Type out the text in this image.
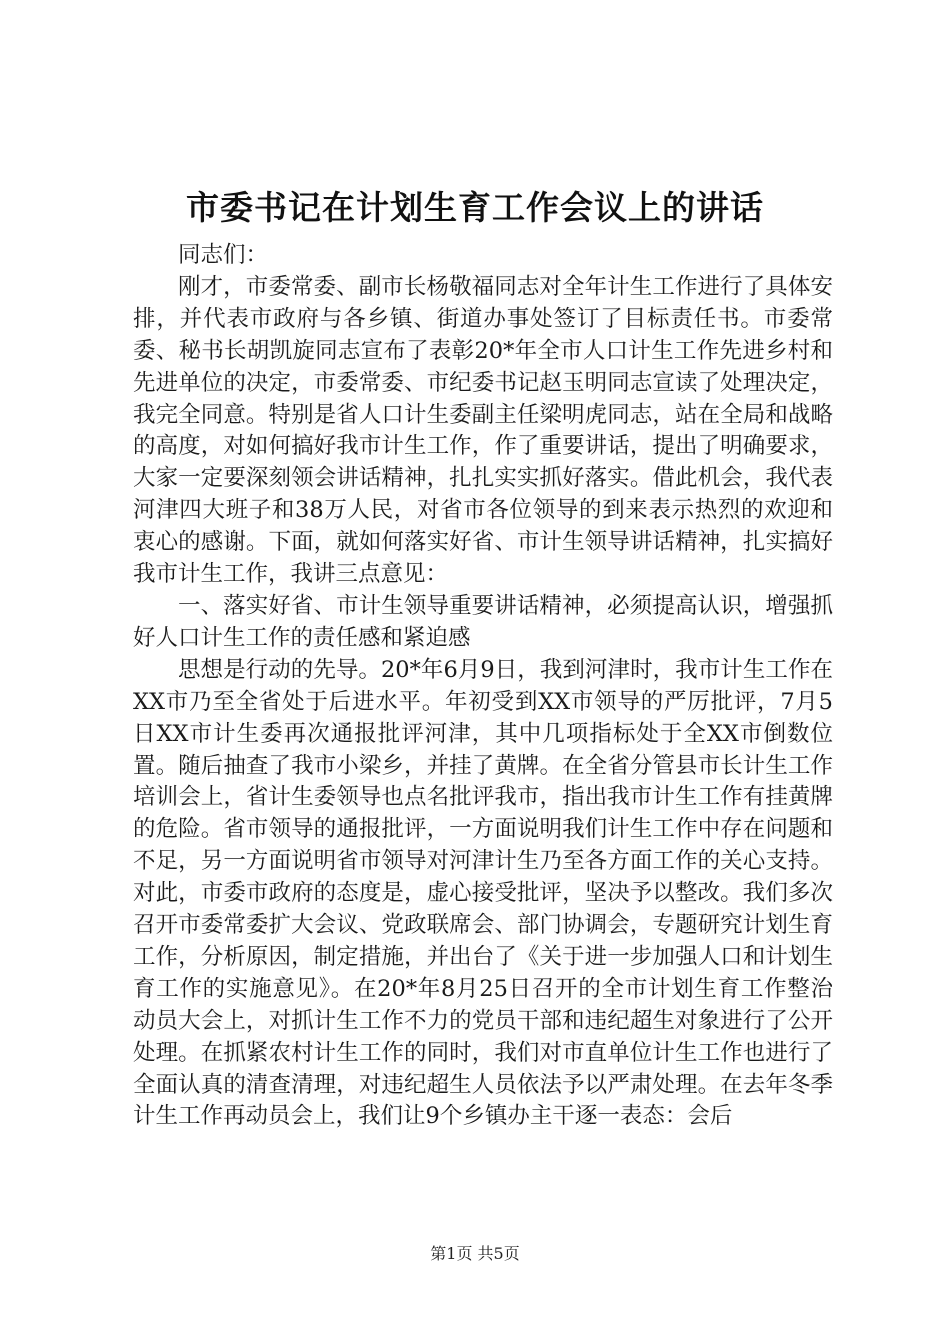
市委书记在计划生育工作会议上的讲话

同志们：

刚才，市委常委、副市长杨敬福同志对全年计生工作进行了具体安排，并代表市政府与各乡镇、街道办事处签订了目标责任书。市委常委、秘书长胡凯旋同志宣布了表彰20*年全市人口计生工作先进乡村和先进单位的决定，市委常委、市纪委书记赵玉明同志宣读了处理决定，我完全同意。特别是省人口计生委副主任梁明虎同志，站在全局和战略的高度，对如何搞好我市计生工作，作了重要讲话，提出了明确要求，大家一定要深刻领会讲话精神，扎扎实实抓好落实。借此机会，我代表河津四大班子和38万人民，对省市各位领导的到来表示热烈的欢迎和衷心的感谢。下面，就如何落实好省、市计生领导讲话精神，扎实搞好我市计生工作，我讲三点意见：

一、落实好省、市计生领导重要讲话精神，必须提高认识，增强抓好人口计生工作的责任感和紧迫感

思想是行动的先导。20*年6月9日，我到河津时，我市计生工作在XX市乃至全省处于后进水平。年初受到XX市领导的严厉批评，7月5日XX市计生委再次通报批评河津，其中几项指标处于全XX市倒数位置。随后抽查了我市小梁乡，并挂了黄牌。在全省分管县市长计生工作培训会上，省计生委领导也点名批评我市，指出我市计生工作有挂黄牌的危险。省市领导的通报批评，一方面说明我们计生工作中存在问题和不足，另一方面说明省市领导对河津计生乃至各方面工作的关心支持。对此，市委市政府的态度是，虚心接受批评，坚决予以整改。我们多次召开市委常委扩大会议、党政联席会、部门协调会，专题研究计划生育工作，分析原因，制定措施，并出台了《关于进一步加强人口和计划生育工作的实施意见》。在20*年8月25日召开的全市计划生育工作整治动员大会上，对抓计生工作不力的党员干部和违纪超生对象进行了公开处理。在抓紧农村计生工作的同时，我们对市直单位计生工作也进行了全面认真的清查清理，对违纪超生人员依法予以严肃处理。在去年冬季计生工作再动员会上，我们让9个乡镇办主干逐一表态：会后

第1页 共5页
